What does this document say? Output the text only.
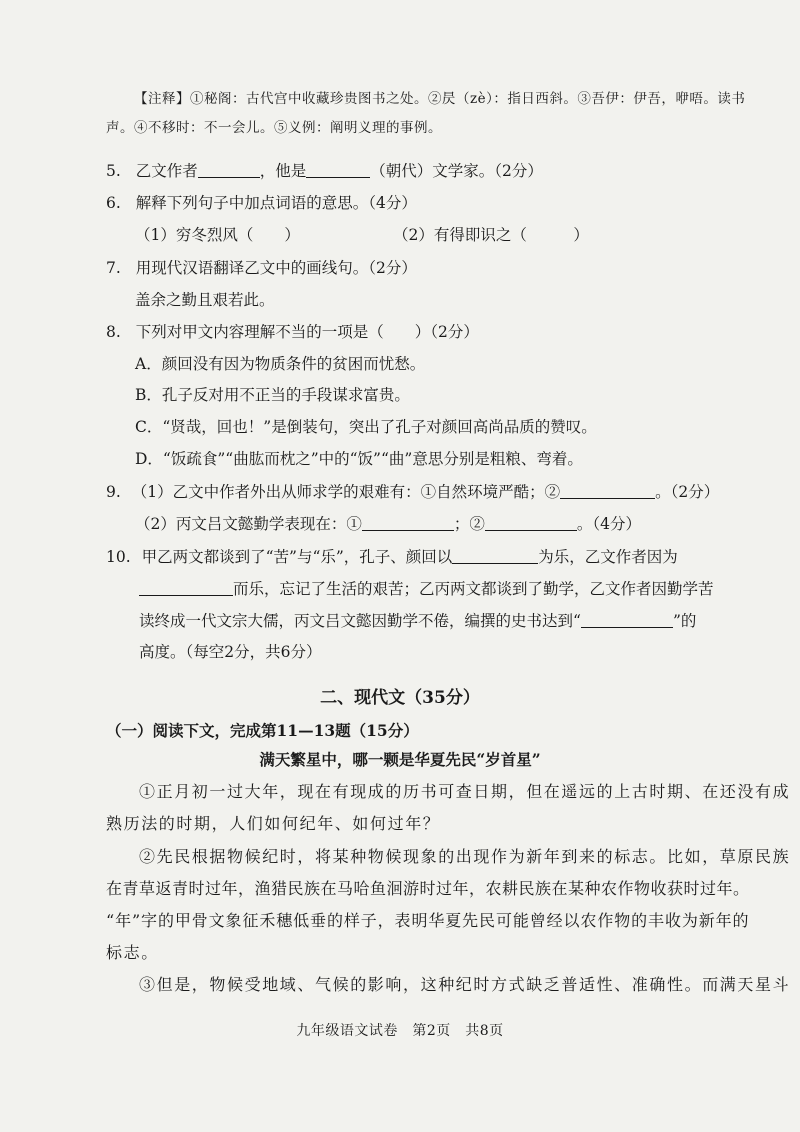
【注释】①秘阁：古代宫中收藏珍贵图书之处。②昃（zè）：指日西斜。③吾伊：伊吾，咿唔。读书
声。④不移时：不一会儿。⑤义例：阐明义理的事例。
5. 乙文作者	，他是	（朝代）文学家。（2分）
6. 解释下列句子中加点词语的意思。（4分）
（1）穷冬烈风（　　）	（2）有得即识之（　　　）
7. 用现代汉语翻译乙文中的画线句。（2分）
盖余之勤且艰若此。
8. 下列对甲文内容理解不当的一项是（　　）（2分）
A．颜回没有因为物质条件的贫困而忧愁。
B．孔子反对用不正当的手段谋求富贵。
C．“贤哉，回也！”是倒装句，突出了孔子对颜回高尚品质的赞叹。
D．“饭疏食”“曲肱而枕之”中的“饭”“曲”意思分别是粗粮、弯着。
9. （1）乙文中作者外出从师求学的艰难有：①自然环境严酷；②	。（2分）
（2）丙文吕文懿勤学表现在：①	；②	。（4分）
10. 甲乙两文都谈到了“苦”与“乐”，孔子、颜回以	为乐，乙文作者因为
而乐，忘记了生活的艰苦；乙丙两文都谈到了勤学，乙文作者因勤学苦
读终成一代文宗大儒，丙文吕文懿因勤学不倦，编撰的史书达到“	”的
高度。（每空2分，共6分）
二、现代文（35分）
（一）阅读下文，完成第11—13题（15分）
满天繁星中，哪一颗是华夏先民“岁首星”
①正月初一过大年，现在有现成的历书可查日期，但在遥远的上古时期、在还没有成
熟历法的时期，人们如何纪年、如何过年？
②先民根据物候纪时，将某种物候现象的出现作为新年到来的标志。比如，草原民族
在青草返青时过年，渔猎民族在马哈鱼洄游时过年，农耕民族在某种农作物收获时过年。
“年”字的甲骨文象征禾穗低垂的样子，表明华夏先民可能曾经以农作物的丰收为新年的
标志。
③但是，物候受地域、气候的影响，这种纪时方式缺乏普适性、准确性。而满天星斗
九年级语文试卷　第2页　共8页
